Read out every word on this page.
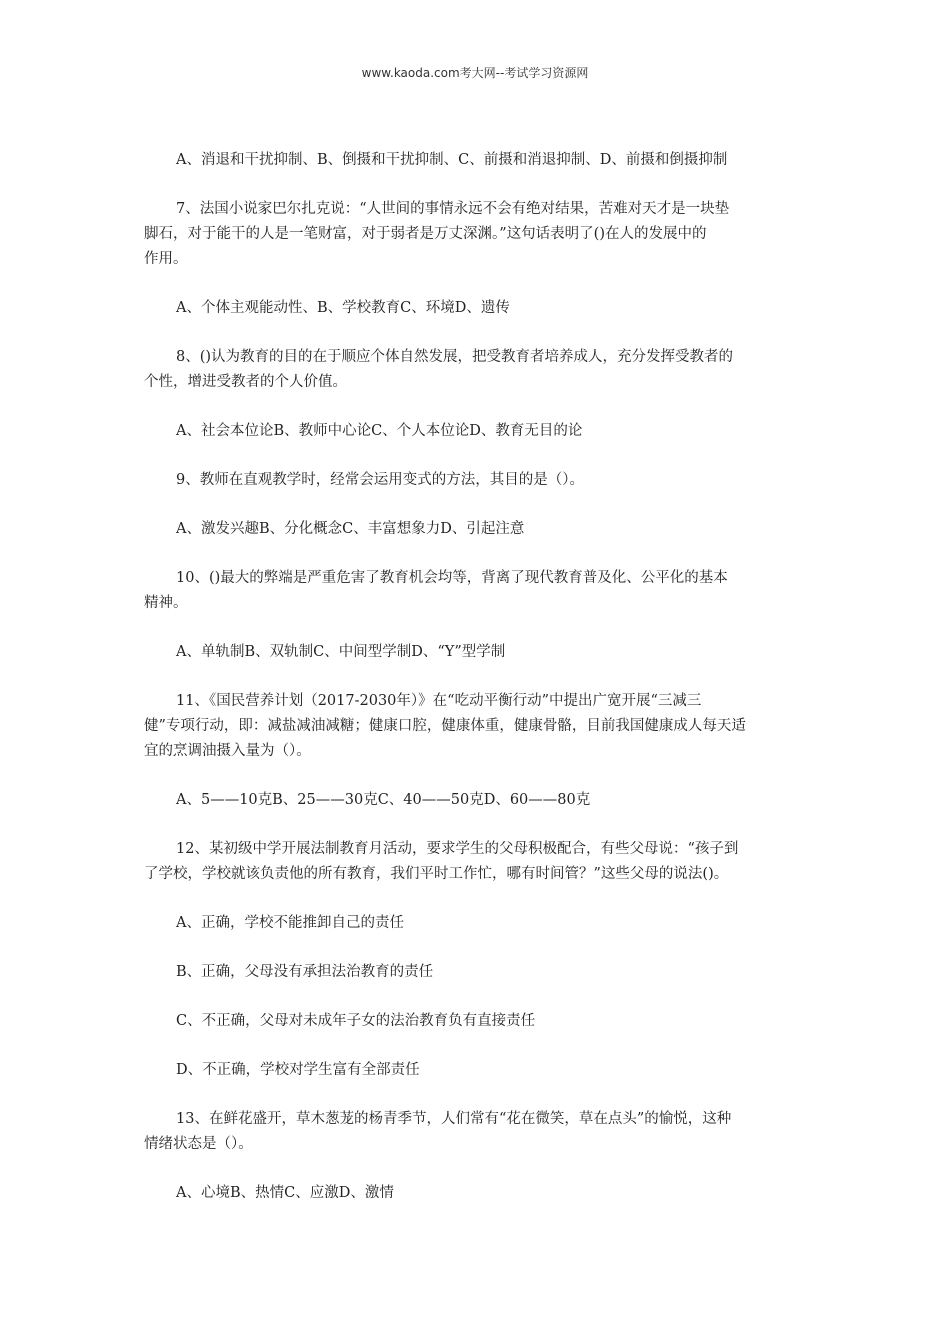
www.kaoda.com考大网--考试学习资源网
A、消退和干扰抑制、B、倒摄和干扰抑制、C、前摄和消退抑制、D、前摄和倒摄抑制
7、法国小说家巴尔扎克说：“人世间的事情永远不会有绝对结果，苦难对天才是一块垫
脚石，对于能干的人是一笔财富，对于弱者是万丈深渊。”这句话表明了()在人的发展中的
作用。
A、个体主观能动性、B、学校教育C、环境D、遗传
8、()认为教育的目的在于顺应个体自然发展，把受教育者培养成人，充分发挥受教者的
个性，增进受教者的个人价值。
A、社会本位论B、教师中心论C、个人本位论D、教育无目的论
9、教师在直观教学时，经常会运用变式的方法，其目的是（）。
A、激发兴趣B、分化概念C、丰富想象力D、引起注意
10、()最大的弊端是严重危害了教育机会均等，背离了现代教育普及化、公平化的基本
精神。
A、单轨制B、双轨制C、中间型学制D、“Y”型学制
11、《国民营养计划（2017-2030年）》在“吃动平衡行动”中提出广宽开展“三减三
健”专项行动，即：减盐减油减糖；健康口腔，健康体重，健康骨骼，目前我国健康成人每天适
宜的烹调油摄入量为（）。
A、5——10克B、25——30克C、40——50克D、60——80克
12、某初级中学开展法制教育月活动，要求学生的父母积极配合，有些父母说：“孩子到
了学校，学校就该负责他的所有教育，我们平时工作忙，哪有时间管？”这些父母的说法()。
A、正确，学校不能推卸自己的责任
B、正确，父母没有承担法治教育的责任
C、不正确，父母对未成年子女的法治教育负有直接责任
D、不正确，学校对学生富有全部责任
13、在鲜花盛开，草木葱茏的杨青季节，人们常有“花在微笑，草在点头”的愉悦，这种
情绪状态是（）。
A、心境B、热情C、应激D、激情
